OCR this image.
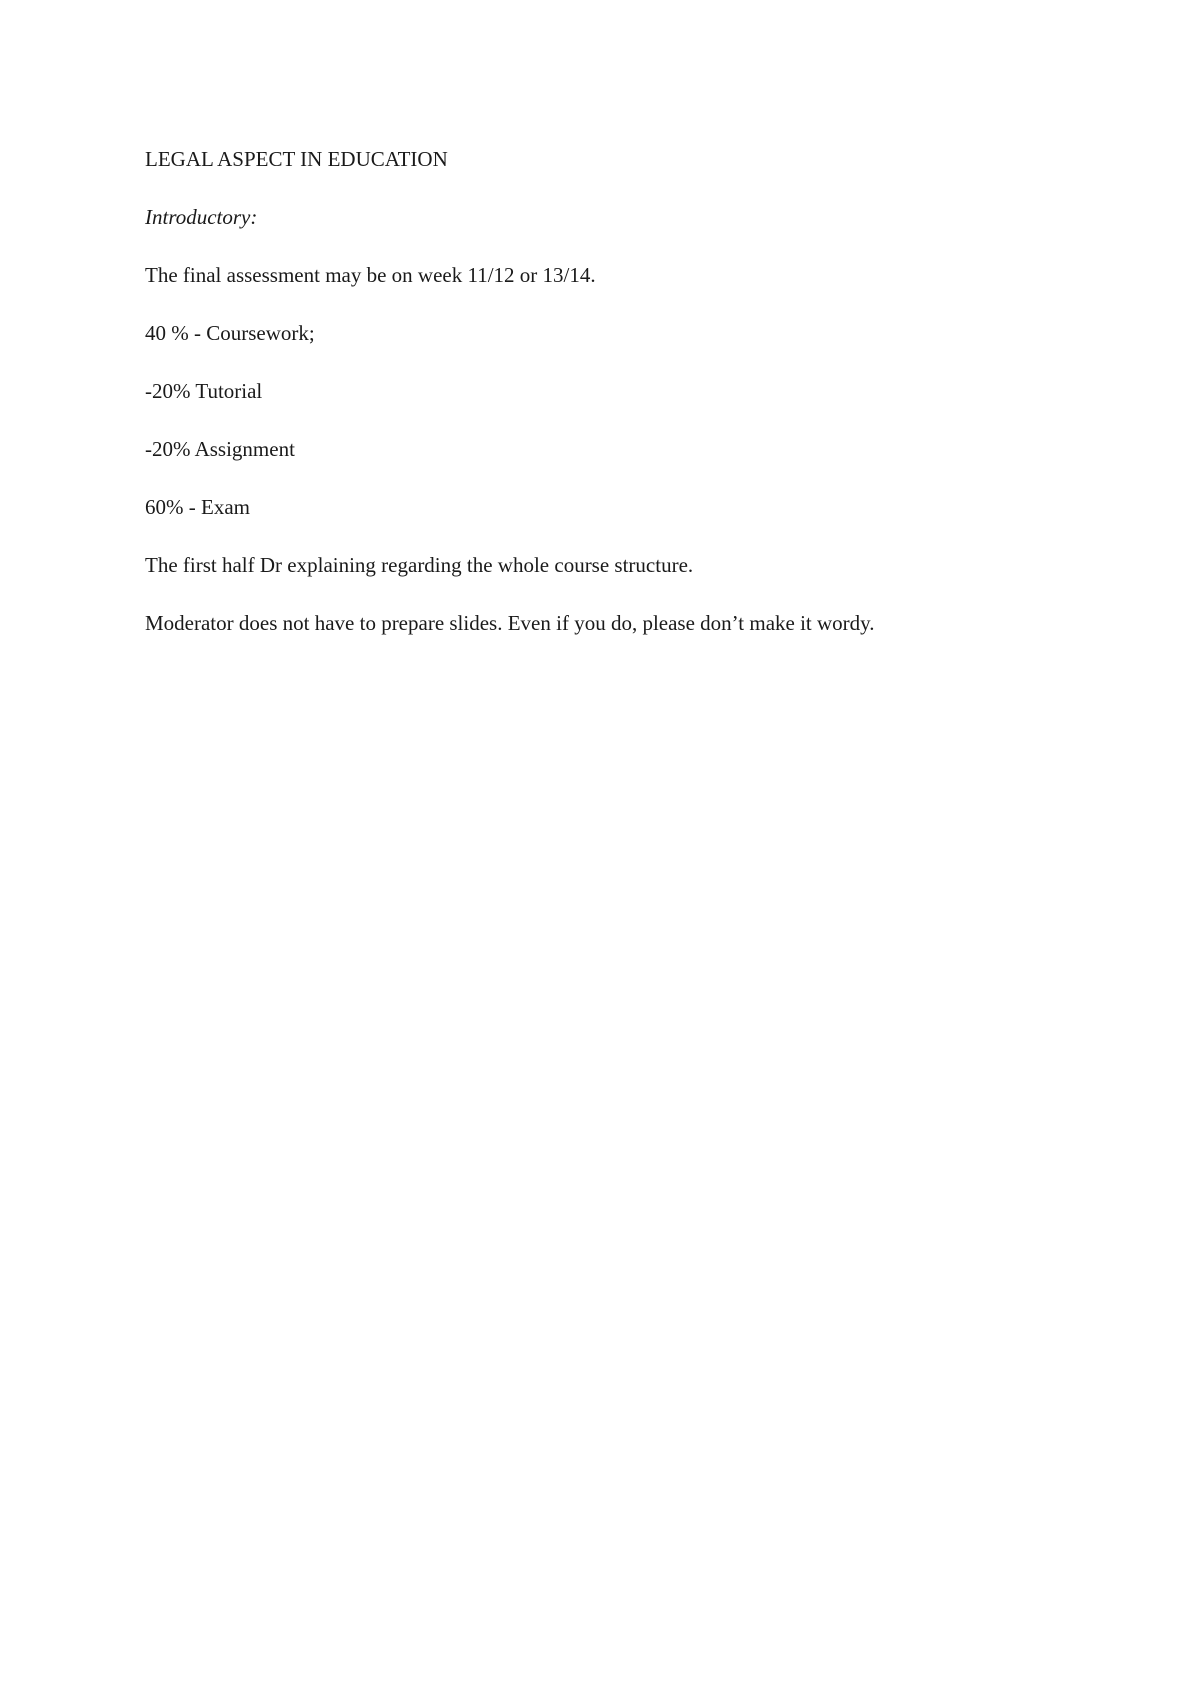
LEGAL ASPECT IN EDUCATION
Introductory:
The final assessment may be on week 11/12 or 13/14.
40 % - Coursework;
-20% Tutorial
-20% Assignment
60% - Exam
The first half Dr explaining regarding the whole course structure.
Moderator does not have to prepare slides. Even if you do, please don’t make it wordy.
